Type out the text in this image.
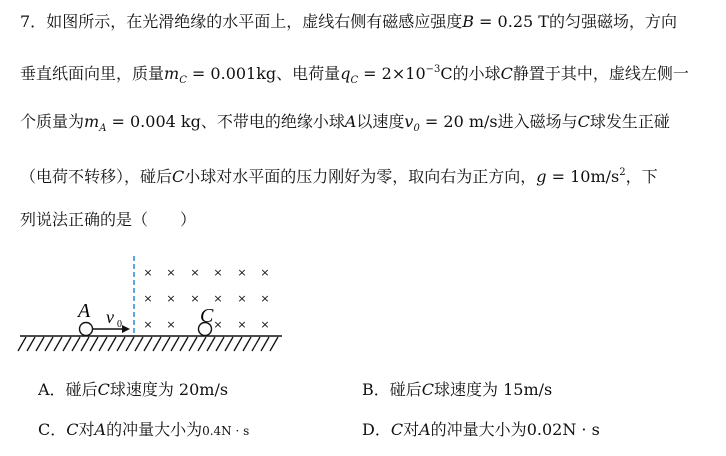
7．如图所示，在光滑绝缘的水平面上，虚线右侧有磁感应强度B = 0.25 T的匀强磁场，方向
垂直纸面向里，质量$m_C = 0.001kg$、电荷量$q_C = 2\times 10^{-3}C$的小球C静置于其中，虚线左侧一
个质量为$m_A = 0.004$ kg、不带电的绝缘小球A以速度$v_0 = 20$ m/s进入磁场与C球发生正碰
（电荷不转移），碰后C小球对水平面的压力刚好为零，取向右为正方向，$g = 10m/s^2$，下
列说法正确的是（　　）
× × × × × ×
× × × × × ×
× ×	× × ×
A v 0	C
A．碰后C球速度为 20m/s	B．碰后C球速度为 15m/s
C．C对A的冲量大小为0.4N · s	D．C对A的冲量大小为0.02N · s
